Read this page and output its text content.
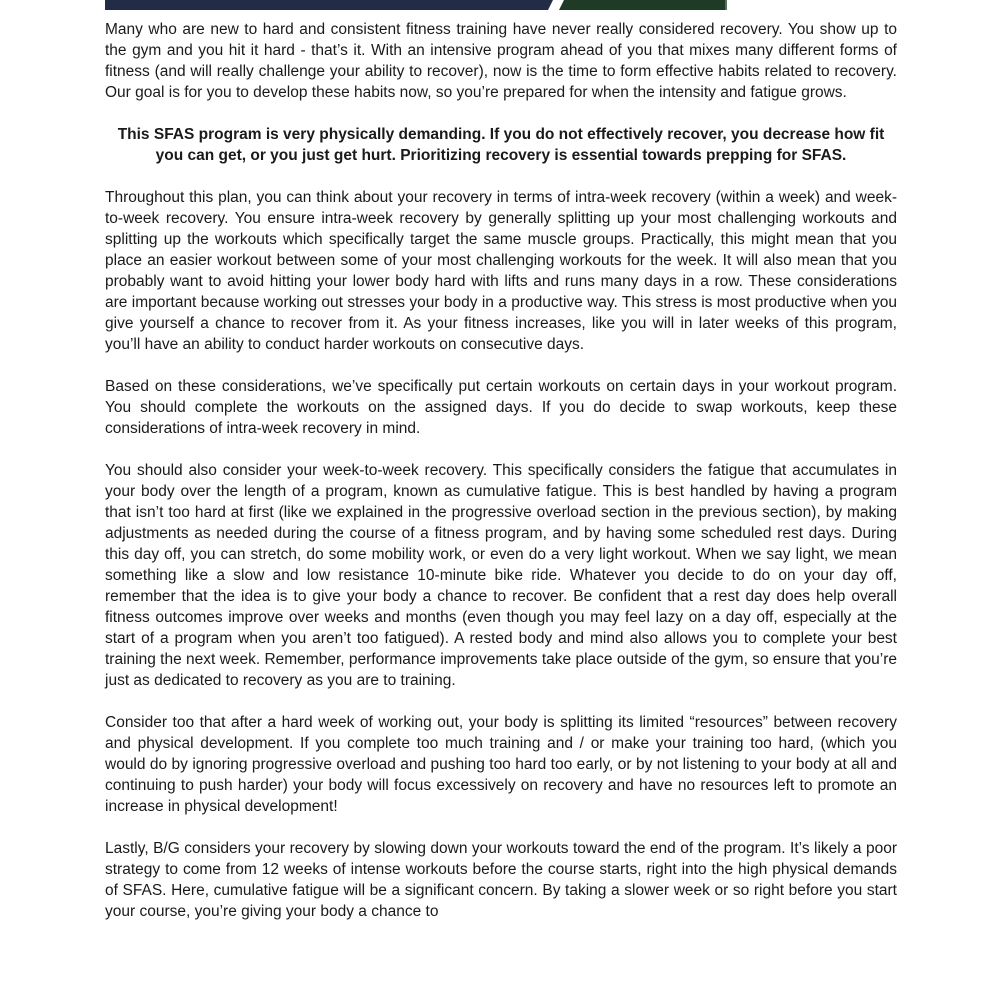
Many who are new to hard and consistent fitness training have never really considered recovery. You show up to the gym and you hit it hard - that’s it. With an intensive program ahead of you that mixes many different forms of fitness (and will really challenge your ability to recover), now is the time to form effective habits related to recovery. Our goal is for you to develop these habits now, so you’re prepared for when the intensity and fatigue grows.

This SFAS program is very physically demanding. If you do not effectively recover, you decrease how fit you can get, or you just get hurt. Prioritizing recovery is essential towards prepping for SFAS.

Throughout this plan, you can think about your recovery in terms of intra-week recovery (within a week) and week-to-week recovery. You ensure intra-week recovery by generally splitting up your most challenging workouts and splitting up the workouts which specifically target the same muscle groups. Practically, this might mean that you place an easier workout between some of your most challenging workouts for the week. It will also mean that you probably want to avoid hitting your lower body hard with lifts and runs many days in a row. These considerations are important because working out stresses your body in a productive way. This stress is most productive when you give yourself a chance to recover from it. As your fitness increases, like you will in later weeks of this program, you’ll have an ability to conduct harder workouts on consecutive days.

Based on these considerations, we’ve specifically put certain workouts on certain days in your workout program. You should complete the workouts on the assigned days. If you do decide to swap workouts, keep these considerations of intra-week recovery in mind.

You should also consider your week-to-week recovery. This specifically considers the fatigue that accumulates in your body over the length of a program, known as cumulative fatigue. This is best handled by having a program that isn’t too hard at first (like we explained in the progressive overload section in the previous section), by making adjustments as needed during the course of a fitness program, and by having some scheduled rest days. During this day off, you can stretch, do some mobility work, or even do a very light workout. When we say light, we mean something like a slow and low resistance 10-minute bike ride. Whatever you decide to do on your day off, remember that the idea is to give your body a chance to recover. Be confident that a rest day does help overall fitness outcomes improve over weeks and months (even though you may feel lazy on a day off, especially at the start of a program when you aren’t too fatigued). A rested body and mind also allows you to complete your best training the next week. Remember, performance improvements take place outside of the gym, so ensure that you’re just as dedicated to recovery as you are to training.

Consider too that after a hard week of working out, your body is splitting its limited “resources” between recovery and physical development. If you complete too much training and / or make your training too hard, (which you would do by ignoring progressive overload and pushing too hard too early, or by not listening to your body at all and continuing to push harder) your body will focus excessively on recovery and have no resources left to promote an increase in physical development!

Lastly, B/G considers your recovery by slowing down your workouts toward the end of the program. It’s likely a poor strategy to come from 12 weeks of intense workouts before the course starts, right into the high physical demands of SFAS. Here, cumulative fatigue will be a significant concern. By taking a slower week or so right before you start your course, you’re giving your body a chance to
